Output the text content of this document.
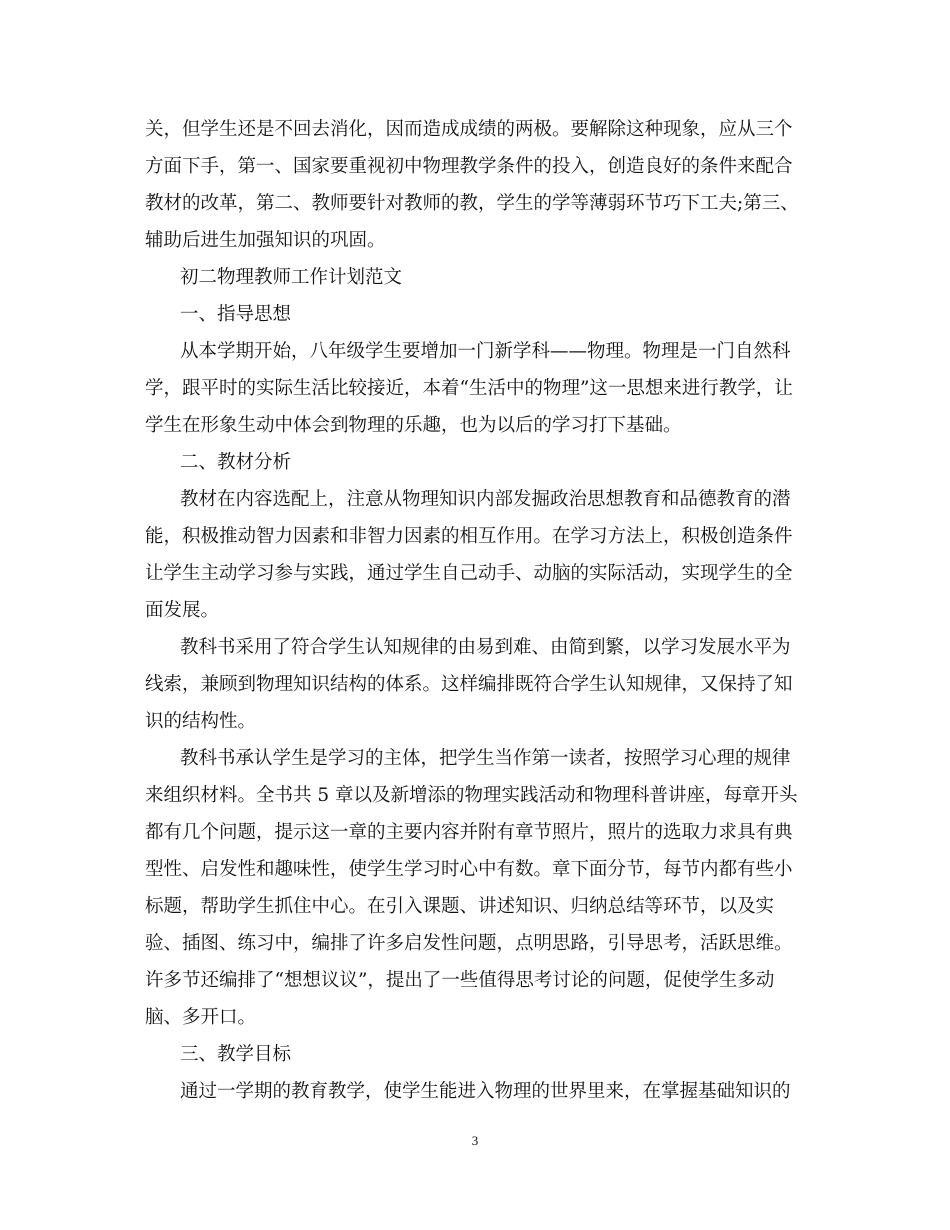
关，但学生还是不回去消化，因而造成成绩的两极。要解除这种现象，应从三个
方面下手，第一、国家要重视初中物理教学条件的投入，创造良好的条件来配合
教材的改革，第二、教师要针对教师的教，学生的学等薄弱环节巧下工夫;第三、
辅助后进生加强知识的巩固。
初二物理教师工作计划范文
一、指导思想
从本学期开始，八年级学生要增加一门新学科——物理。物理是一门自然科
学，跟平时的实际生活比较接近，本着“生活中的物理”这一思想来进行教学，让
学生在形象生动中体会到物理的乐趣，也为以后的学习打下基础。
二、教材分析
教材在内容选配上，注意从物理知识内部发掘政治思想教育和品德教育的潜
能，积极推动智力因素和非智力因素的相互作用。在学习方法上，积极创造条件
让学生主动学习参与实践，通过学生自己动手、动脑的实际活动，实现学生的全
面发展。
教科书采用了符合学生认知规律的由易到难、由简到繁，以学习发展水平为
线索，兼顾到物理知识结构的体系。这样编排既符合学生认知规律，又保持了知
识的结构性。
教科书承认学生是学习的主体，把学生当作第一读者，按照学习心理的规律
来组织材料。全书共 5 章以及新增添的物理实践活动和物理科普讲座，每章开头
都有几个问题，提示这一章的主要内容并附有章节照片，照片的选取力求具有典
型性、启发性和趣味性，使学生学习时心中有数。章下面分节，每节内都有些小
标题，帮助学生抓住中心。在引入课题、讲述知识、归纳总结等环节，以及实
验、插图、练习中，编排了许多启发性问题，点明思路，引导思考，活跃思维。
许多节还编排了“想想议议”，提出了一些值得思考讨论的问题，促使学生多动
脑、多开口。
三、教学目标
通过一学期的教育教学，使学生能进入物理的世界里来，在掌握基础知识的
3
